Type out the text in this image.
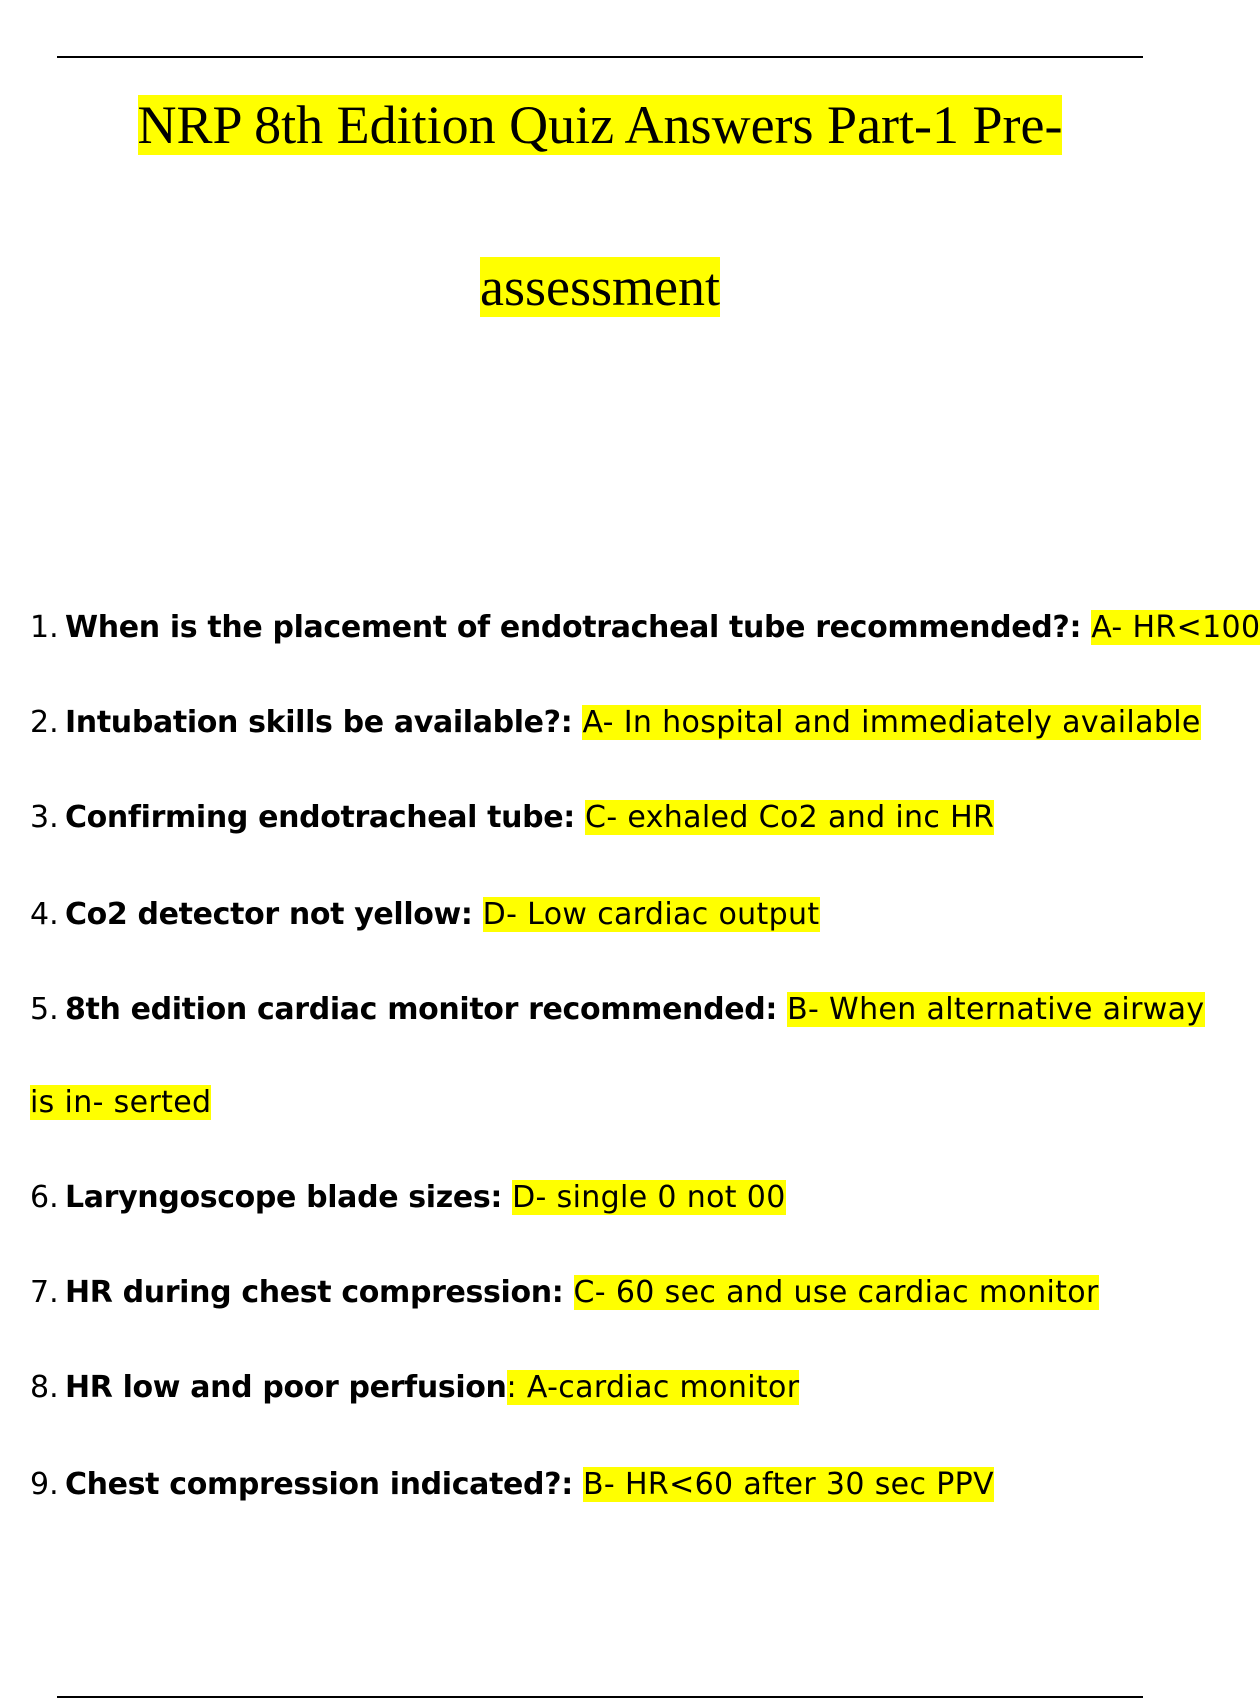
NRP 8th Edition Quiz Answers Part-1 Pre-
assessment
1. When is the placement of endotracheal tube recommended?: A- HR<100
2. Intubation skills be available?: A- In hospital and immediately available
3. Confirming endotracheal tube: C- exhaled Co2 and inc HR
4. Co2 detector not yellow: D- Low cardiac output
5. 8th edition cardiac monitor recommended: B- When alternative airway
is in- serted
6. Laryngoscope blade sizes: D- single 0 not 00
7. HR during chest compression: C- 60 sec and use cardiac monitor
8. HR low and poor perfusion: A-cardiac monitor
9. Chest compression indicated?: B- HR<60 after 30 sec PPV
